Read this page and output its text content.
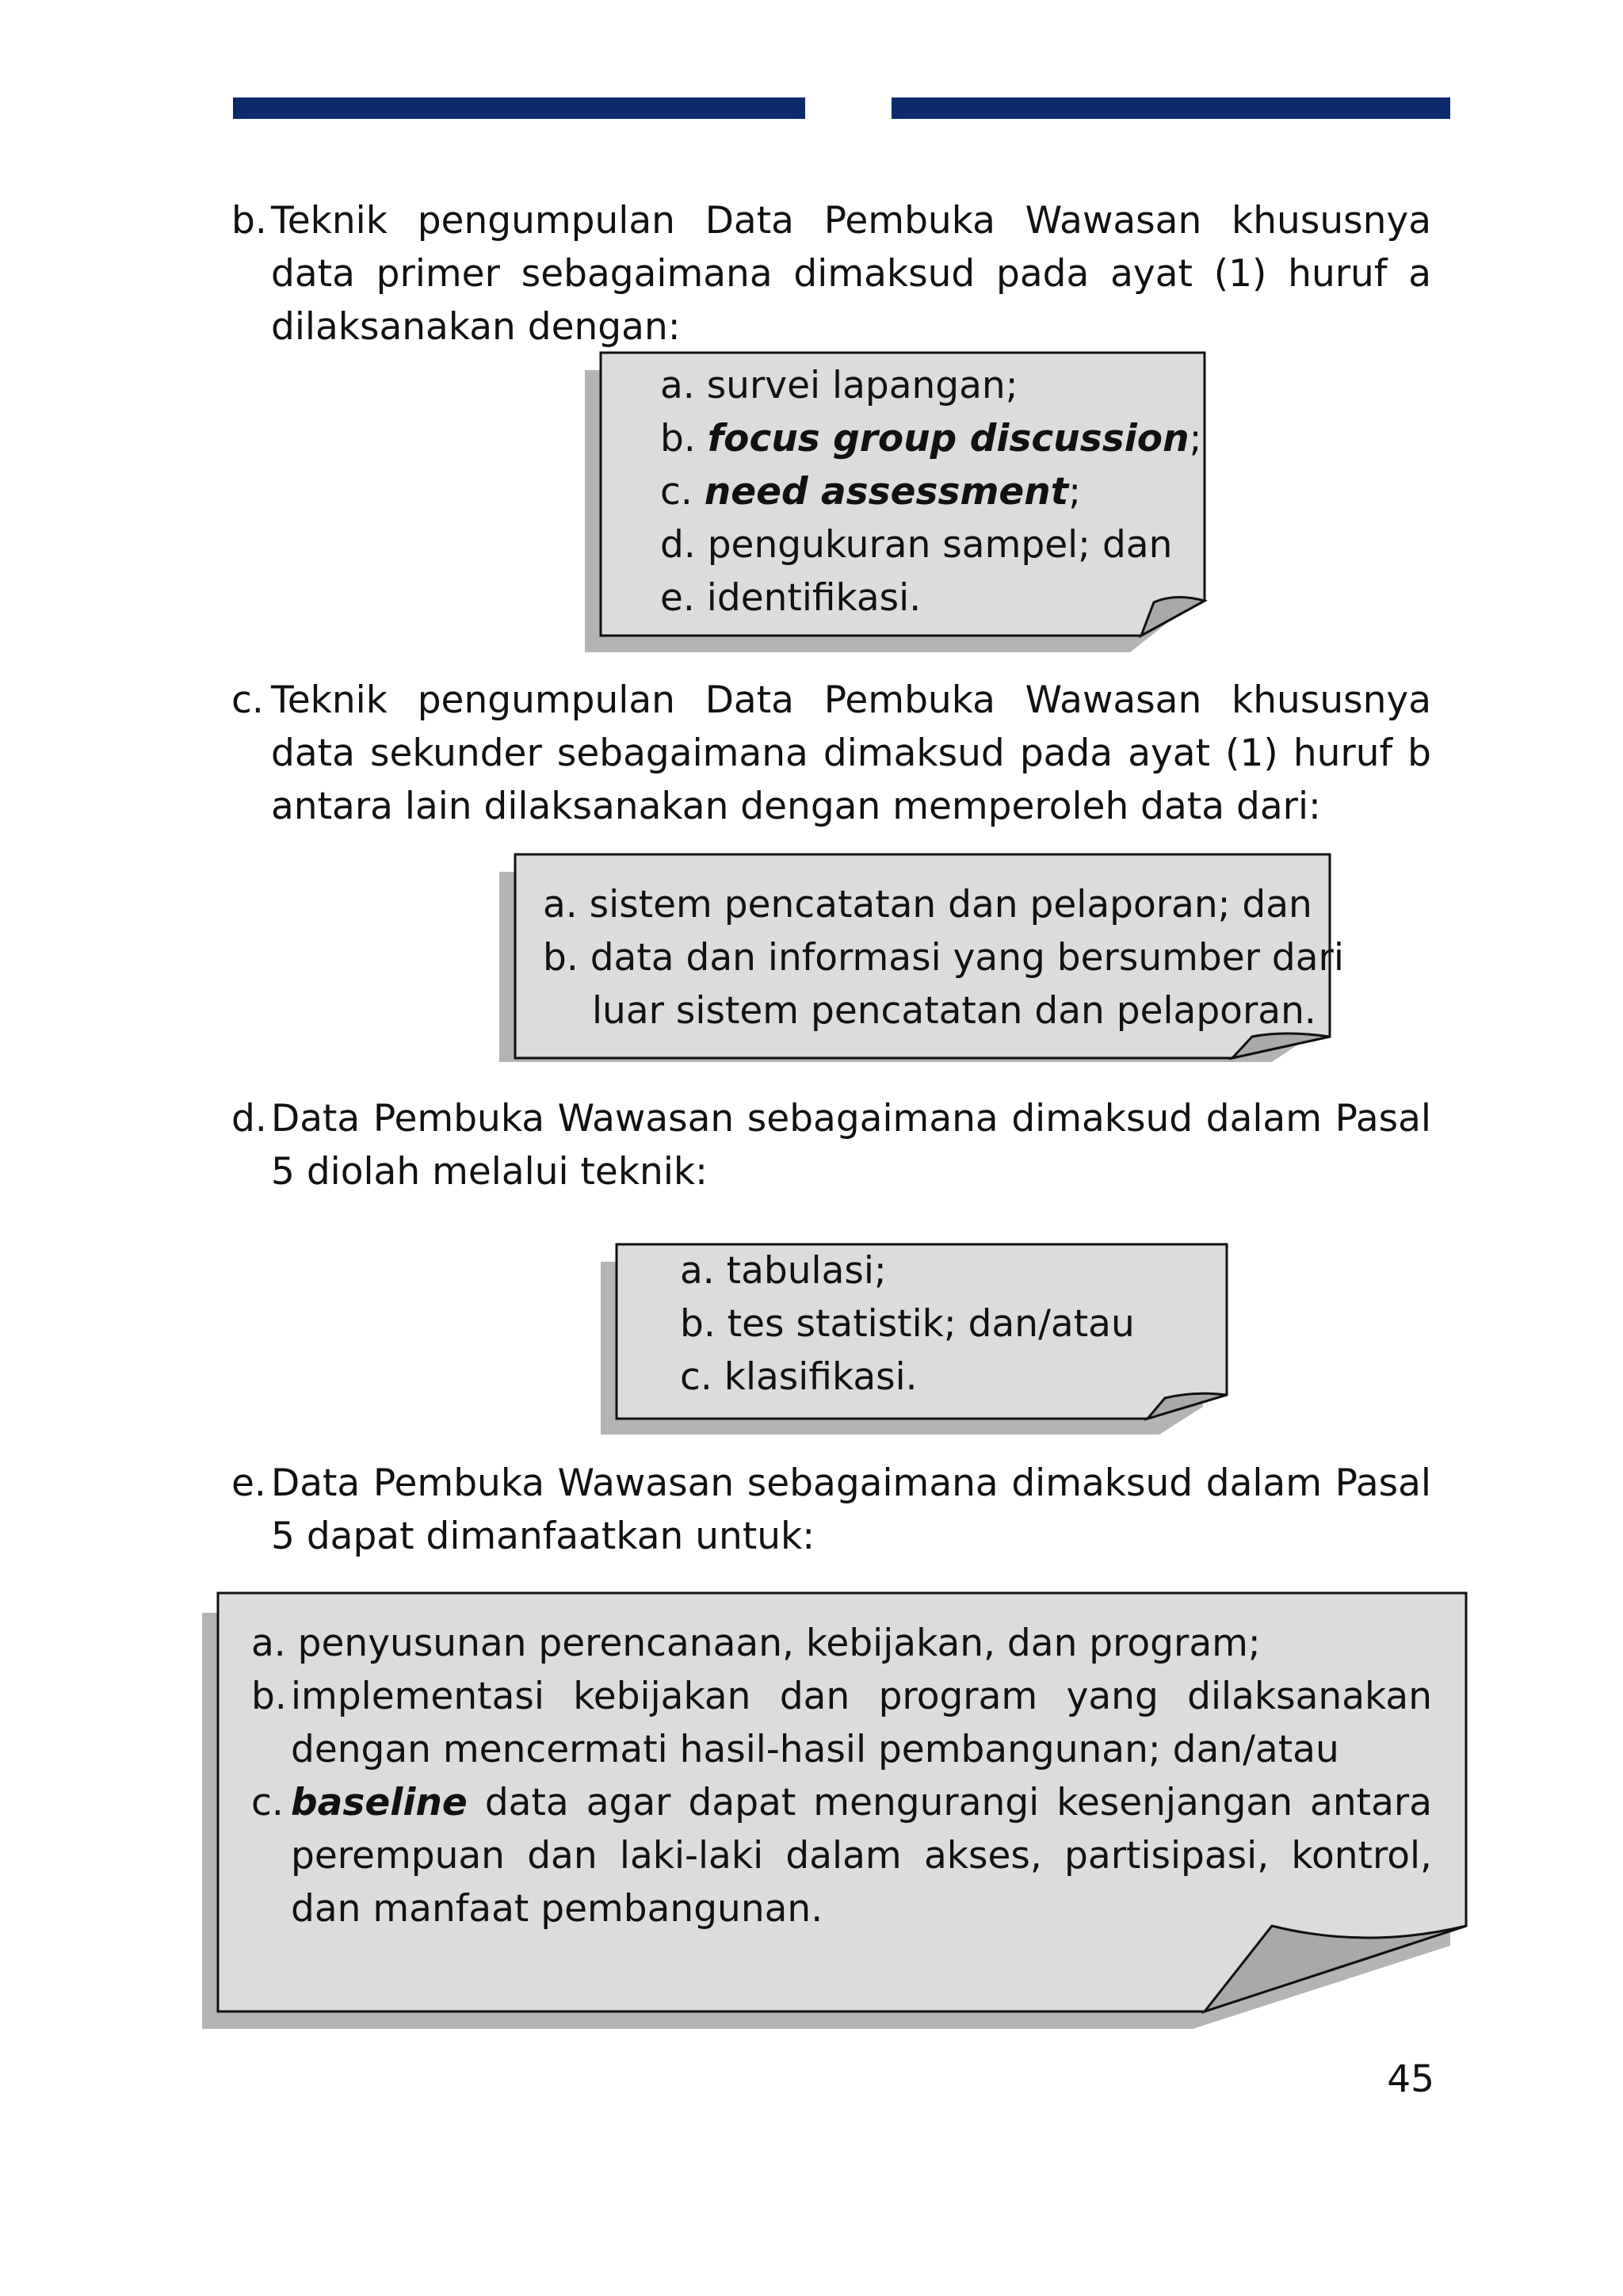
b. Teknik pengumpulan Data Pembuka Wawasan khususnya data primer sebagaimana dimaksud pada ayat (1) huruf a dilaksanakan dengan:
a. survei lapangan;
b. focus group discussion;
c. need assessment;
d. pengukuran sampel; dan
e. identifikasi.
c. Teknik pengumpulan Data Pembuka Wawasan khususnya data sekunder sebagaimana dimaksud pada ayat (1) huruf b antara lain dilaksanakan dengan memperoleh data dari:
a. sistem pencatatan dan pelaporan; dan
b. data dan informasi yang bersumber dari
luar sistem pencatatan dan pelaporan.
d. Data Pembuka Wawasan sebagaimana dimaksud dalam Pasal 5 diolah melalui teknik:
a. tabulasi;
b. tes statistik; dan/atau
c. klasifikasi.
e. Data Pembuka Wawasan sebagaimana dimaksud dalam Pasal 5 dapat dimanfaatkan untuk:
a. penyusunan perencanaan, kebijakan, dan program;
b. implementasi kebijakan dan program yang dilaksanakan dengan mencermati hasil-hasil pembangunan; dan/atau
c. baseline data agar dapat mengurangi kesenjangan antara perempuan dan laki-laki dalam akses, partisipasi, kontrol, dan manfaat pembangunan.
45
